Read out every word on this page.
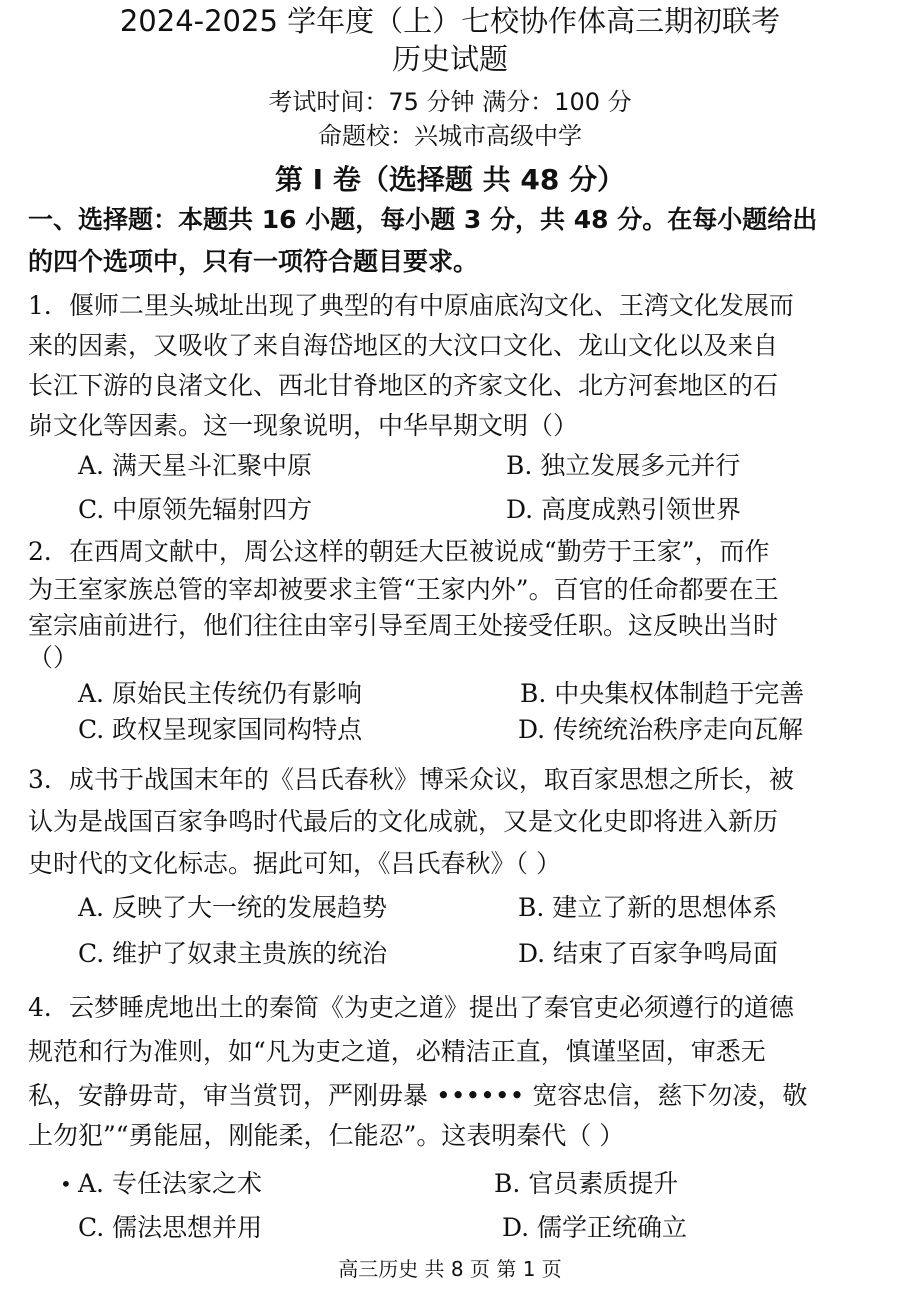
2024-2025 学年度（上）七校协作体高三期初联考
历史试题
考试时间：75 分钟 满分：100 分
命题校：兴城市高级中学
第 I 卷（选择题 共 48 分）
一、选择题：本题共 16 小题，每小题 3 分，共 48 分。在每小题给出
的四个选项中，只有一项符合题目要求。
1．偃师二里头城址出现了典型的有中原庙底沟文化、王湾文化发展而
来的因素，又吸收了来自海岱地区的大汶口文化、龙山文化以及来自
长江下游的良渚文化、西北甘脊地区的齐家文化、北方河套地区的石
峁文化等因素。这一现象说明，中华早期文明（）
A. 满天星斗汇聚中原	B. 独立发展多元并行
C. 中原领先辐射四方	D. 高度成熟引领世界
2．在西周文献中，周公这样的朝廷大臣被说成“勤劳于王家”，而作
为王室家族总管的宰却被要求主管“王家内外”。百官的任命都要在王
室宗庙前进行，他们往往由宰引导至周王处接受任职。这反映出当时
（）
A. 原始民主传统仍有影响	B. 中央集权体制趋于完善
C. 政权呈现家国同构特点	D. 传统统治秩序走向瓦解
3．成书于战国末年的《吕氏春秋》博采众议，取百家思想之所长，被
认为是战国百家争鸣时代最后的文化成就，又是文化史即将进入新历
史时代的文化标志。据此可知，《吕氏春秋》（ ）
A. 反映了大一统的发展趋势	B. 建立了新的思想体系
C. 维护了奴隶主贵族的统治	D. 结束了百家争鸣局面
4．云梦睡虎地出土的秦简《为吏之道》提出了秦官吏必须遵行的道德
规范和行为准则，如“凡为吏之道，必精洁正直，慎谨坚固，审悉无
私，安静毋苛，审当赏罚，严刚毋暴 •••••• 宽容忠信，慈下勿凌，敬
上勿犯”“勇能屈，刚能柔，仁能忍”。这表明秦代（ ）
• A. 专任法家之术	B. 官员素质提升
C. 儒法思想并用	D. 儒学正统确立
高三历史 共 8 页 第 1 页
